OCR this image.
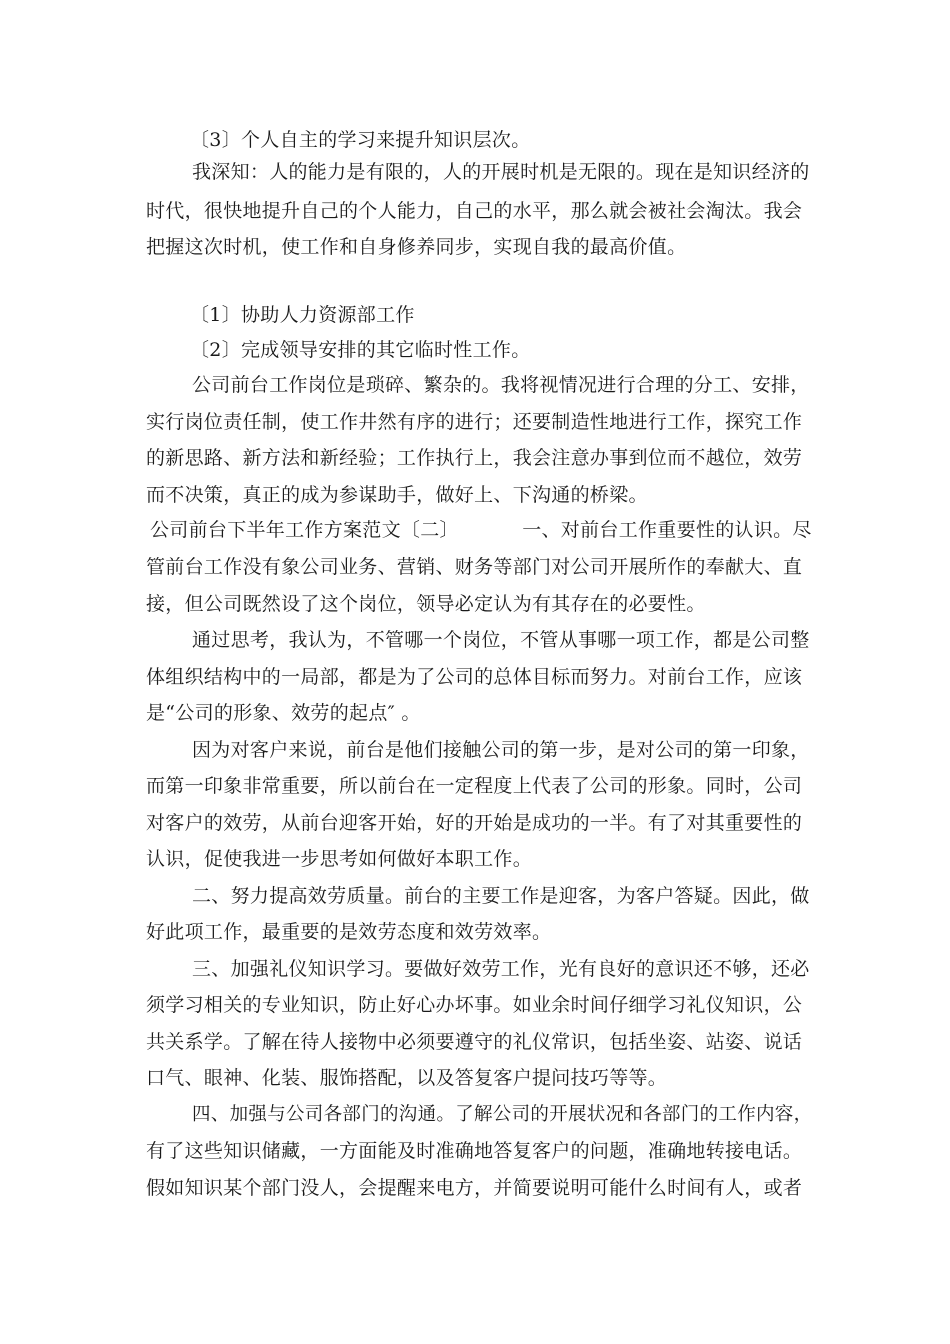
〔3〕个人自主的学习来提升知识层次。
我深知：人的能力是有限的，人的开展时机是无限的。现在是知识经济的
时代，很快地提升自己的个人能力，自己的水平，那么就会被社会淘汰。我会
把握这次时机，使工作和自身修养同步，实现自我的最高价值。
〔1〕协助人力资源部工作
〔2〕完成领导安排的其它临时性工作。
公司前台工作岗位是琐碎、繁杂的。我将视情况进行合理的分工、安排，
实行岗位责任制，使工作井然有序的进行；还要制造性地进行工作，探究工作
的新思路、新方法和新经验；工作执行上，我会注意办事到位而不越位，效劳
而不决策，真正的成为参谋助手，做好上、下沟通的桥梁。
公司前台下半年工作方案范文〔二〕          一、对前台工作重要性的认识。尽
管前台工作没有象公司业务、营销、财务等部门对公司开展所作的奉献大、直
接，但公司既然设了这个岗位，领导必定认为有其存在的必要性。
通过思考，我认为，不管哪一个岗位，不管从事哪一项工作，都是公司整
体组织结构中的一局部，都是为了公司的总体目标而努力。对前台工作，应该
是“公司的形象、效劳的起点″ 。
因为对客户来说，前台是他们接触公司的第一步，是对公司的第一印象，
而第一印象非常重要，所以前台在一定程度上代表了公司的形象。同时，公司
对客户的效劳，从前台迎客开始，好的开始是成功的一半。有了对其重要性的
认识，促使我进一步思考如何做好本职工作。
二、努力提高效劳质量。前台的主要工作是迎客，为客户答疑。因此，做
好此项工作，最重要的是效劳态度和效劳效率。
三、加强礼仪知识学习。要做好效劳工作，光有良好的意识还不够，还必
须学习相关的专业知识，防止好心办坏事。如业余时间仔细学习礼仪知识，公
共关系学。了解在待人接物中必须要遵守的礼仪常识，包括坐姿、站姿、说话
口气、眼神、化装、服饰搭配，以及答复客户提问技巧等等。
四、加强与公司各部门的沟通。了解公司的开展状况和各部门的工作内容，
有了这些知识储藏，一方面能及时准确地答复客户的问题，准确地转接电话。
假如知识某个部门没人，会提醒来电方，并简要说明可能什么时间有人，或者
